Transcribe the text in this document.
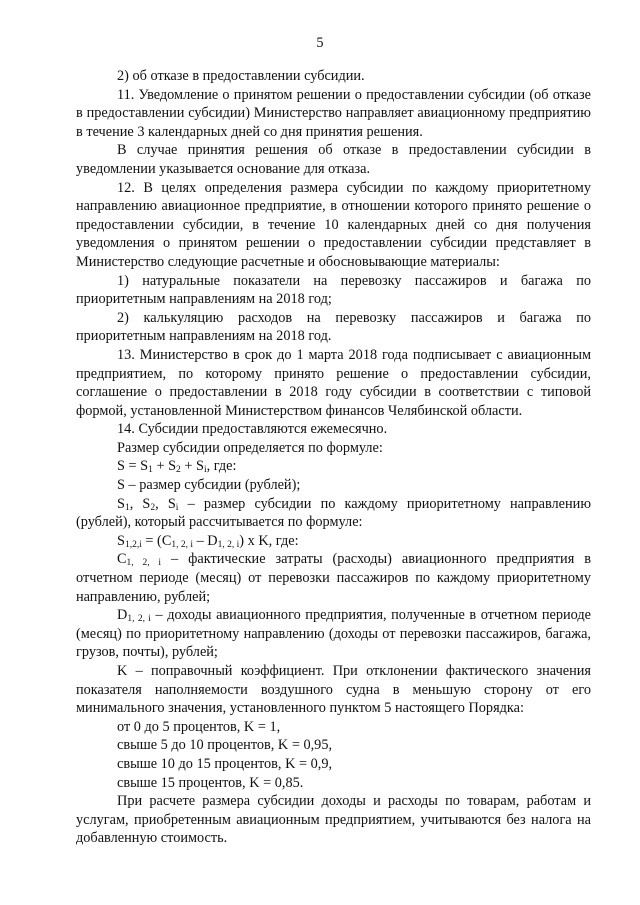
5

2) об отказе в предоставлении субсидии.

11. Уведомление о принятом решении о предоставлении субсидии (об отказе в предоставлении субсидии) Министерство направляет авиационному предприятию в течение 3 календарных дней со дня принятия решения.

В случае принятия решения об отказе в предоставлении субсидии в уведомлении указывается основание для отказа.

12. В целях определения размера субсидии по каждому приоритетному направлению авиационное предприятие, в отношении которого принято решение о предоставлении субсидии, в течение 10 календарных дней со дня получения уведомления о принятом решении о предоставлении субсидии представляет в Министерство следующие расчетные и обосновывающие материалы:

1) натуральные показатели на перевозку пассажиров и багажа по приоритетным направлениям на 2018 год;

2) калькуляцию расходов на перевозку пассажиров и багажа по приоритетным направлениям на 2018 год.

13. Министерство в срок до 1 марта 2018 года подписывает с авиационным предприятием, по которому принято решение о предоставлении субсидии, соглашение о предоставлении в 2018 году субсидии в соответствии с типовой формой, установленной Министерством финансов Челябинской области.

14. Субсидии предоставляются ежемесячно.

Размер субсидии определяется по формуле:

$S = S_1 + S_2 + S_i$, где:

S – размер субсидии (рублей);

$S_1$, $S_2$, $S_i$ – размер субсидии по каждому приоритетному направлению (рублей), который рассчитывается по формуле:

$S_{1,2,i} = (C_{1, 2, i} - D_{1, 2, i})$ x K, где:

$C_{1, 2, i}$ – фактические затраты (расходы) авиационного предприятия в отчетном периоде (месяц) от перевозки пассажиров по каждому приоритетному направлению, рублей;

$D_{1, 2, i}$ – доходы авиационного предприятия, полученные в отчетном периоде (месяц) по приоритетному направлению (доходы от перевозки пассажиров, багажа, грузов, почты), рублей;

K – поправочный коэффициент. При отклонении фактического значения показателя наполняемости воздушного судна в меньшую сторону от его минимального значения, установленного пунктом 5 настоящего Порядка:

от 0 до 5 процентов, K = 1,

свыше 5 до 10 процентов, K = 0,95,

свыше 10 до 15 процентов, K = 0,9,

свыше 15 процентов, K = 0,85.

При расчете размера субсидии доходы и расходы по товарам, работам и услугам, приобретенным авиационным предприятием, учитываются без налога на добавленную стоимость.
